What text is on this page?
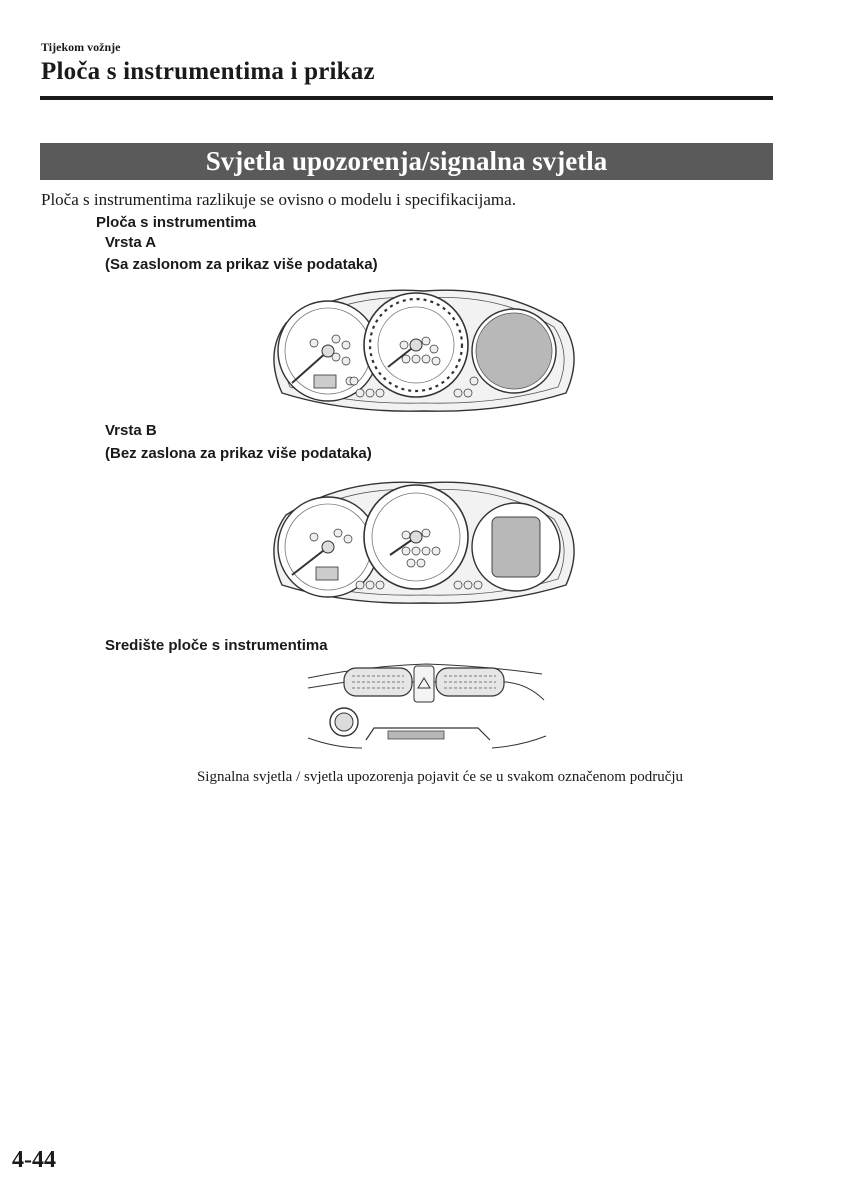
Tijekom vožnje
Ploča s instrumentima i prikaz
Svjetla upozorenja/signalna svjetla
Ploča s instrumentima razlikuje se ovisno o modelu i specifikacijama.
Ploča s instrumentima
Vrsta A
(Sa zaslonom za prikaz više podataka)
Vrsta B
(Bez zaslona za prikaz više podataka)
Središte ploče s instrumentima
Signalna svjetla / svjetla upozorenja pojavit će se u svakom označenom području
4-44
